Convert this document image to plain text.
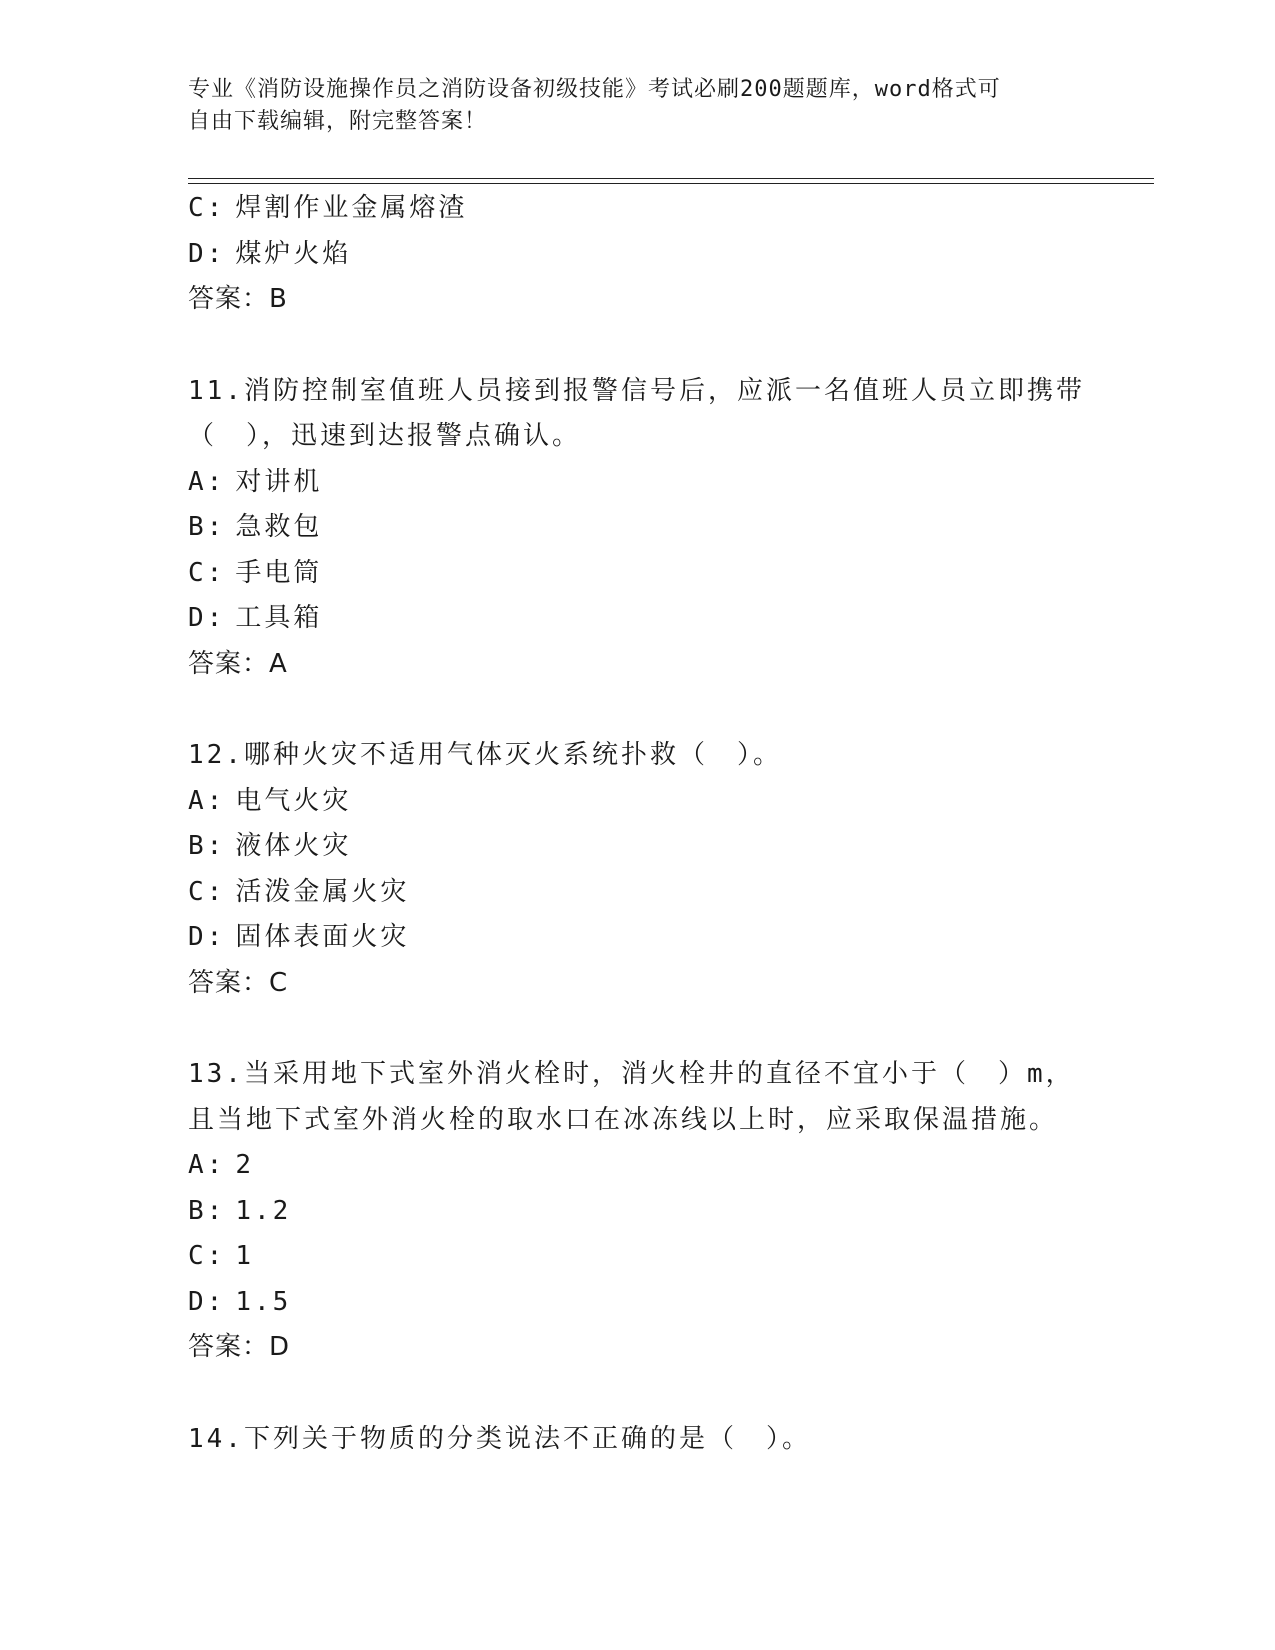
专业《消防设施操作员之消防设备初级技能》考试必刷200题题库，word格式可
自由下载编辑，附完整答案！
C: 焊割作业金属熔渣
D: 煤炉火焰
答案：B
11.消防控制室值班人员接到报警信号后，应派一名值班人员立即携带
（　），迅速到达报警点确认。
A: 对讲机
B: 急救包
C: 手电筒
D: 工具箱
答案：A
12.哪种火灾不适用气体灭火系统扑救（　）。
A: 电气火灾
B: 液体火灾
C: 活泼金属火灾
D: 固体表面火灾
答案：C
13.当采用地下式室外消火栓时，消火栓井的直径不宜小于（　）m，
且当地下式室外消火栓的取水口在冰冻线以上时，应采取保温措施。
A: 2
B: 1.2
C: 1
D: 1.5
答案：D
14.下列关于物质的分类说法不正确的是（　）。
